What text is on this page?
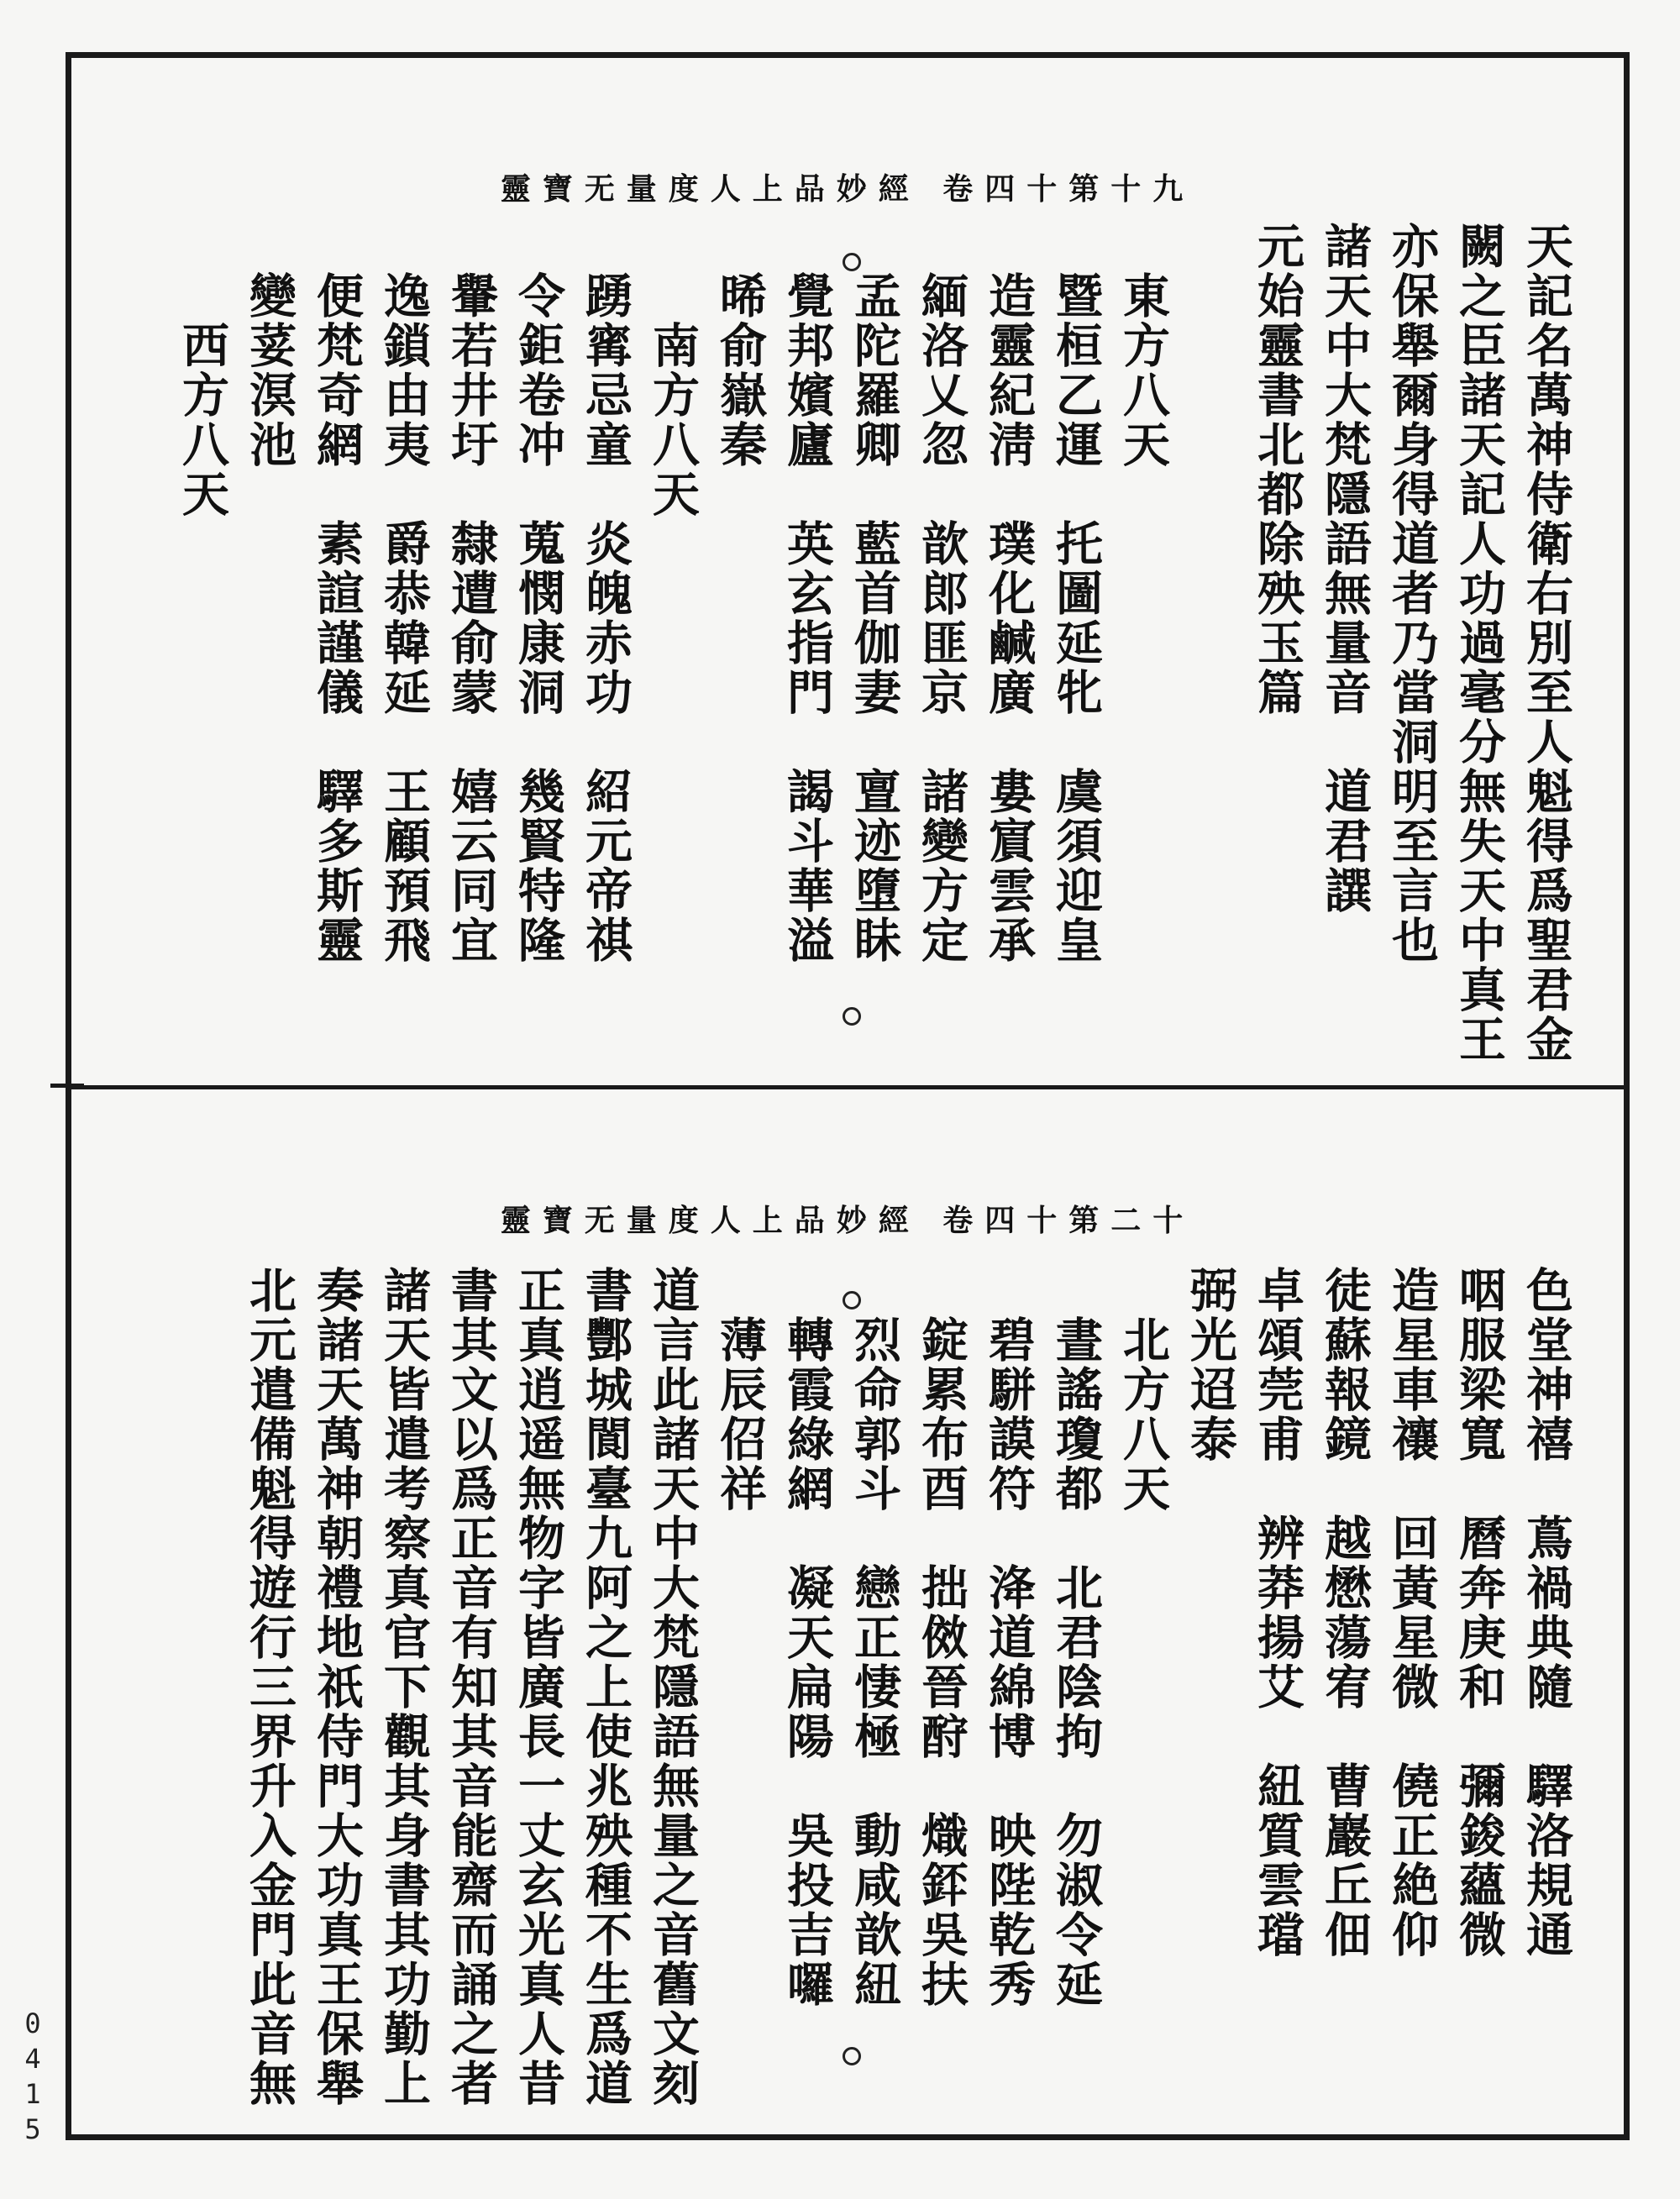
靈寶无量度人上品妙經 卷四十第十九
天記名萬神侍衛右別至人魁得爲聖君金
闕之臣諸天記人功過毫分無失天中真王
亦保舉爾身得道者乃當洞明至言也
諸天中大梵隱語無量音　道君譔
元始靈書北都除殃玉篇
　東方八天
　暨桓乙運　托圖延牝　虞須迎皇
　造靈紀淸　璞化鹹廣　婁賔雲承
　緬洛乂忽　歆郎匪京　諸變方定
　孟陀羅卿　藍首伽妻　亶迹墮眛
　覺邦嬪廬　英玄指門　謁斗華溢
　晞俞嶽秦
　　南方八天
　踴寗忌童　炎魄赤功　紹元帝祺
　令鉅卷冲　蒐憫康洞　幾賢特隆
　轝若井圩　隸遭俞蒙　嬉云同宜
　逸鎖由夷　爵恭韓延　王顧預飛
　便梵奇網　素諠謹儀　驛多斯靈
　變荽溟池
　　西方八天
靈寶无量度人上品妙經 卷四十第二十
色堂神禧　蔦禍典隨　驛洛規通
咽服梁寬　曆奔庚和　彌鋑蘊微
造星車禳　回黃星微　僥正絶仰
徒蘇報鏡　越懋蕩宥　曹巖丘佃
卓頌莞甫　辨莽揚艾　紐質雲璫
弼光迢泰
　北方八天
　晝謠瓊都　北君陰拘　勿淑令延
　碧駢謨符　洚道綿博　映陛乾秀
　錠累布酉　拙傚晉酧　熾銔吳扶
　烈命郭斗　戀正悽極　動咸歆紐
　轉霞綠網　凝天扁陽　吳投吉囉
　薄辰佋祥
道言此諸天中大梵隱語無量之音舊文刻
書酆城閬臺九阿之上使兆殃種不生爲道
正真逍遥無物字皆廣長一丈玄光真人昔
書其文以爲正音有知其音能齋而誦之者
諸天皆遣考察真官下觀其身書其功勤上
奏諸天萬神朝禮地祇侍門大功真王保舉
北元遣備魁得遊行三界升入金門此音無
0415
